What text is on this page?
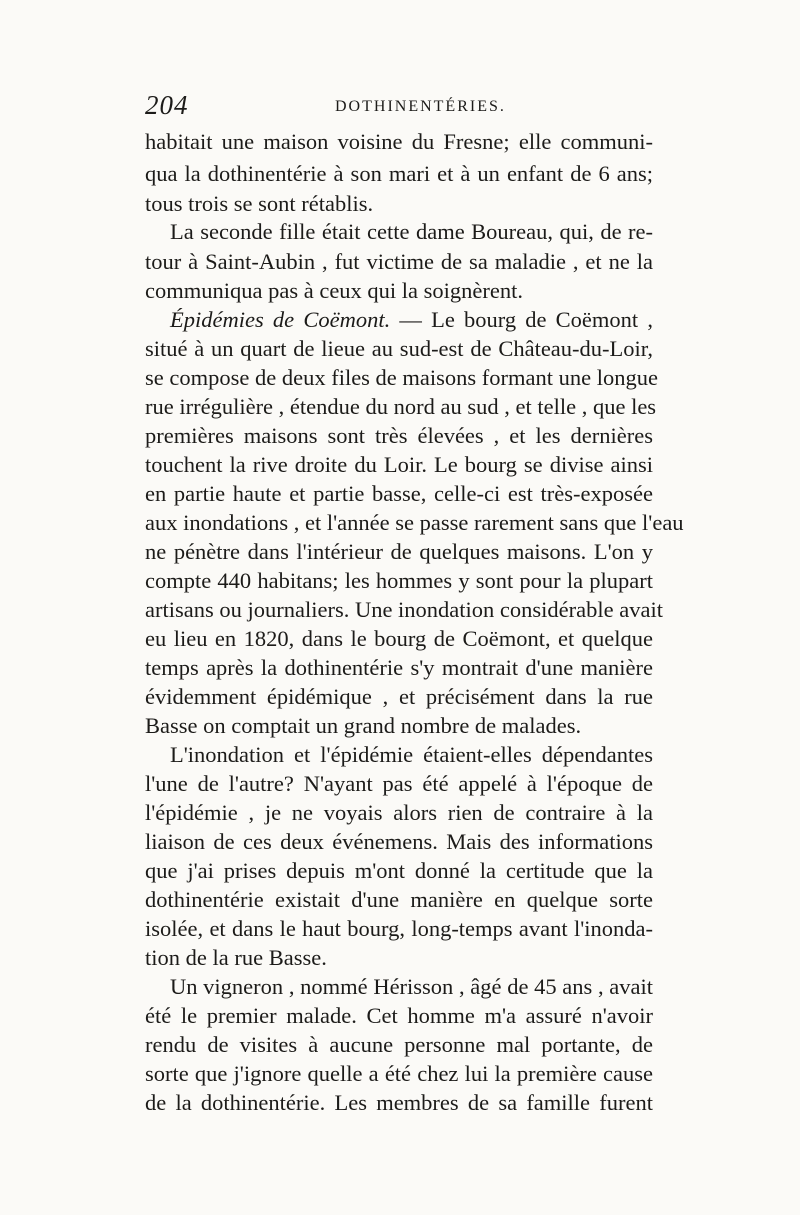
204	DOTHINENTÉRIES.
habitait une maison voisine du Fresne; elle communi-
qua la dothinentérie à son mari et à un enfant de 6 ans;
tous trois se sont rétablis.
La seconde fille était cette dame Boureau, qui, de re-
tour à Saint-Aubin , fut victime de sa maladie , et ne la
communiqua pas à ceux qui la soignèrent.
Épidémies de Coëmont. — Le bourg de Coëmont ,
situé à un quart de lieue au sud-est de Château-du-Loir,
se compose de deux files de maisons formant une longue
rue irrégulière , étendue du nord au sud , et telle , que les
premières maisons sont très élevées , et les dernières
touchent la rive droite du Loir. Le bourg se divise ainsi
en partie haute et partie basse, celle-ci est très-exposée
aux inondations , et l'année se passe rarement sans que l'eau
ne pénètre dans l'intérieur de quelques maisons. L'on y
compte 440 habitans; les hommes y sont pour la plupart
artisans ou journaliers. Une inondation considérable avait
eu lieu en 1820, dans le bourg de Coëmont, et quelque
temps après la dothinentérie s'y montrait d'une manière
évidemment épidémique , et précisément dans la rue
Basse on comptait un grand nombre de malades.
L'inondation et l'épidémie étaient-elles dépendantes
l'une de l'autre? N'ayant pas été appelé à l'époque de
l'épidémie , je ne voyais alors rien de contraire à la
liaison de ces deux événemens. Mais des informations
que j'ai prises depuis m'ont donné la certitude que la
dothinentérie existait d'une manière en quelque sorte
isolée, et dans le haut bourg, long-temps avant l'inonda-
tion de la rue Basse.
Un vigneron , nommé Hérisson , âgé de 45 ans , avait
été le premier malade. Cet homme m'a assuré n'avoir
rendu de visites à aucune personne mal portante, de
sorte que j'ignore quelle a été chez lui la première cause
de la dothinentérie. Les membres de sa famille furent
